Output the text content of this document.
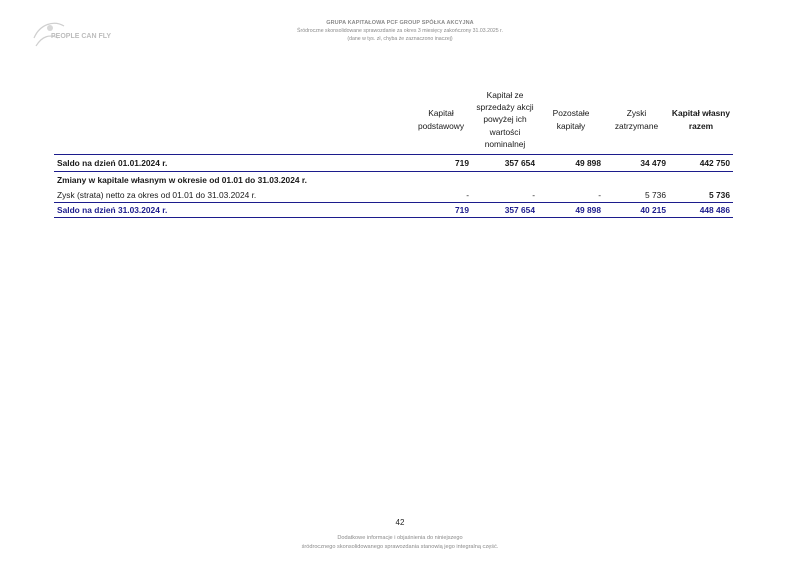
PEOPLE CAN FLY
GRUPA KAPITAŁOWA PCF GROUP SPÓŁKA AKCYJNA
Śródroczne skonsolidowane sprawozdanie za okres 3 miesięcy zakończony 31.03.2025 r.
(dane w tys. zł, chyba że zaznaczono inaczej)
	Kapitał podstawowy	Kapitał ze sprzedaży akcji powyżej ich wartości nominalnej	Pozostałe kapitały	Zyski zatrzymane	Kapitał własny razem
Saldo na dzień 01.01.2024 r.	719	357 654	49 898	34 479	442 750
Zmiany w kapitale własnym w okresie od 01.01 do 31.03.2024 r.					
Zysk (strata) netto za okres od 01.01 do 31.03.2024 r.	-	-	-	5 736	5 736
Saldo na dzień 31.03.2024 r.	719	357 654	49 898	40 215	448 486
42
Dodatkowe informacje i objaśnienia do niniejszego
śródrocznego skonsolidowanego sprawozdania stanowią jego integralną część.
